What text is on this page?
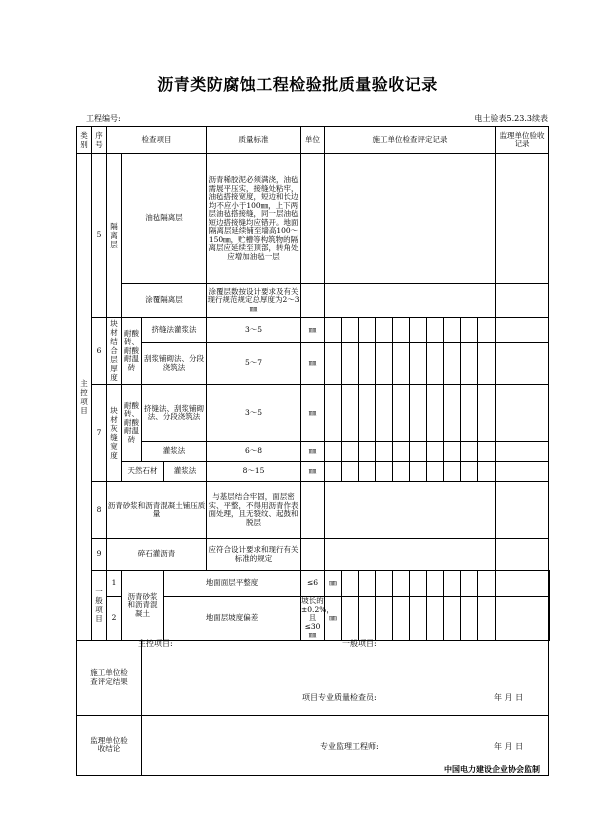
沥青类防腐蚀工程检验批质量验收记录
工程编号:	电土验表5.23.3续表
类别	序号	检查项目				质量标准	单位	施工单位检查评定记录										监理单位验收记录	
主控项目	5	隔离层	油毡隔离层			沥青稀胶泥必须满浇，油毡需展平压实，接缝处粘牢，油毡搭接宽度，短边和长边均不应小于100㎜，上下两层油毡搭接缝，同一层油毡短边搭接缝均应错开。地面隔离层延续铺至墙高100～150㎜，贮槽等构筑物的隔离层应延续至顶部，转角处应增加油毡一层													
			涂覆隔离层			涂覆层数按设计要求及有关现行规范规定总厚度为2～3㎜													
	6	块材结合层厚度	耐酸砖、耐酸耐温砖	挤缝法灌浆法		3～5	㎜												
				刮浆铺砌法、分段浇筑法		5～7	㎜												
	7	块材灰缝宽度	耐酸砖、耐酸耐温砖	挤缝法、刮浆铺砌法、分段浇筑法		3～5	㎜												
				灌浆法		6～8	㎜												
			天然石材		灌浆法	8～15	㎜												
	8	沥青砂浆和沥青混凝土铺压质量				与基层结合牢固，面层密实、平整，不得用沥青作表面处理，且无裂纹、起鼓和脱层													
	9	碎石灌沥青				应符合设计要求和现行有关标准的规定													
	一般项目	1	沥青砂浆和沥青混凝土		地面面层平整度		≤6	㎜											
		2			地面层坡度偏差		坡长的±0.2%，且≤30㎜	㎜											
施工单位检查评定结果																			
监理单位验收结论																			
主控项目:	一般项目:
项目专业质量检查员:	年 月 日
专业监理工程师:	年 月 日
中国电力建设企业协会监制
